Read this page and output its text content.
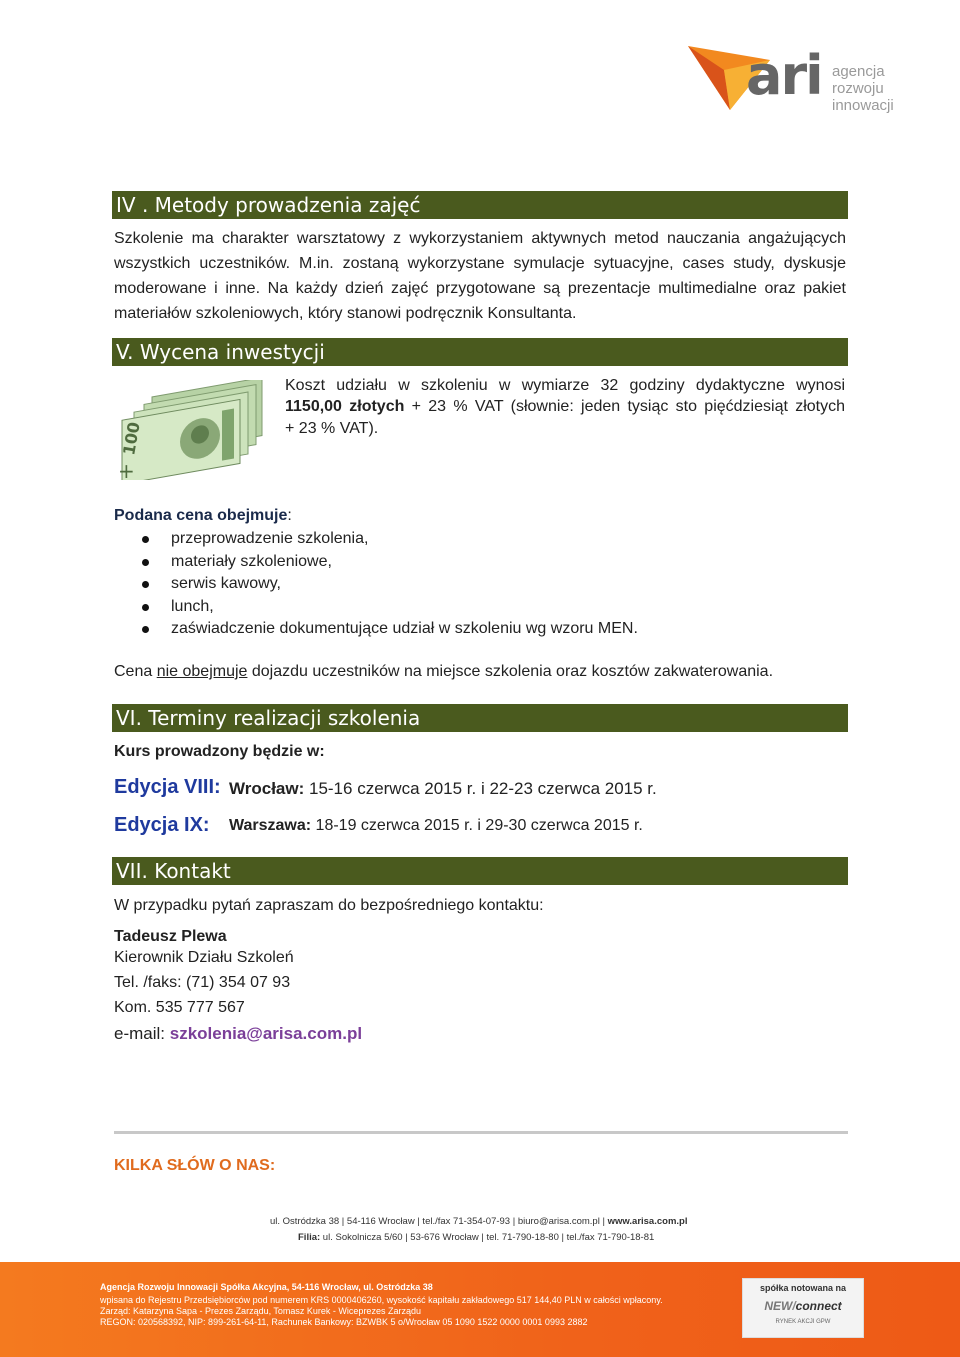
ari agencja
rozwoju
innowacji
IV . Metody prowadzenia zajęć
Szkolenie ma charakter warsztatowy z wykorzystaniem aktywnych metod nauczania angażujących
wszystkich uczestników. M.in. zostaną wykorzystane symulacje sytuacyjne, cases study, dyskusje
moderowane i inne. Na każdy dzień zajęć przygotowane są prezentacje multimedialne oraz pakiet
materiałów szkoleniowych, który stanowi podręcznik Konsultanta.
V. Wycena inwestycji
100
+
Koszt udziału w szkoleniu w wymiarze 32 godziny dydaktyczne wynosi
1150,00 złotych + 23 % VAT (słownie: jeden tysiąc sto pięćdziesiąt złotych
+ 23 % VAT).
Podana cena obejmuje:
przeprowadzenie szkolenia,
materiały szkoleniowe,
serwis kawowy,
lunch,
zaświadczenie dokumentujące udział w szkoleniu wg wzoru MEN.
Cena nie obejmuje dojazdu uczestników na miejsce szkolenia oraz kosztów zakwaterowania.
VI. Terminy realizacji szkolenia
Kurs prowadzony będzie w:
Edycja VIII: Wrocław: 15-16 czerwca 2015 r. i 22-23 czerwca 2015 r.
Edycja IX: Warszawa: 18-19 czerwca 2015 r. i 29-30 czerwca 2015 r.
VII. Kontakt
W przypadku pytań zapraszam do bezpośredniego kontaktu:
Tadeusz Plewa
Kierownik Działu Szkoleń
Tel. /faks: (71) 354 07 93
Kom. 535 777 567
e-mail: szkolenia@arisa.com.pl
KILKA SŁÓW O NAS:
ul. Ostródzka 38 | 54-116 Wrocław | tel./fax 71-354-07-93 | biuro@arisa.com.pl | www.arisa.com.pl
Filia: ul. Sokolnicza 5/60 | 53-676 Wrocław | tel. 71-790-18-80 | tel./fax 71-790-18-81
Agencja Rozwoju Innowacji Spółka Akcyjna, 54-116 Wrocław, ul. Ostródzka 38
wpisana do Rejestru Przedsiębiorców pod numerem KRS 0000406260, wysokość kapitału zakładowego 517 144,40 PLN w całości wpłacony.
Zarząd: Katarzyna Sapa - Prezes Zarządu, Tomasz Kurek - Wiceprezes Zarządu
REGON: 020568392, NIP: 899-261-64-11, Rachunek Bankowy: BZWBK 5 o/Wrocław 05 1090 1522 0000 0001 0993 2882
spółka notowana na
NEW/connect
RYNEK AKCJI GPW
